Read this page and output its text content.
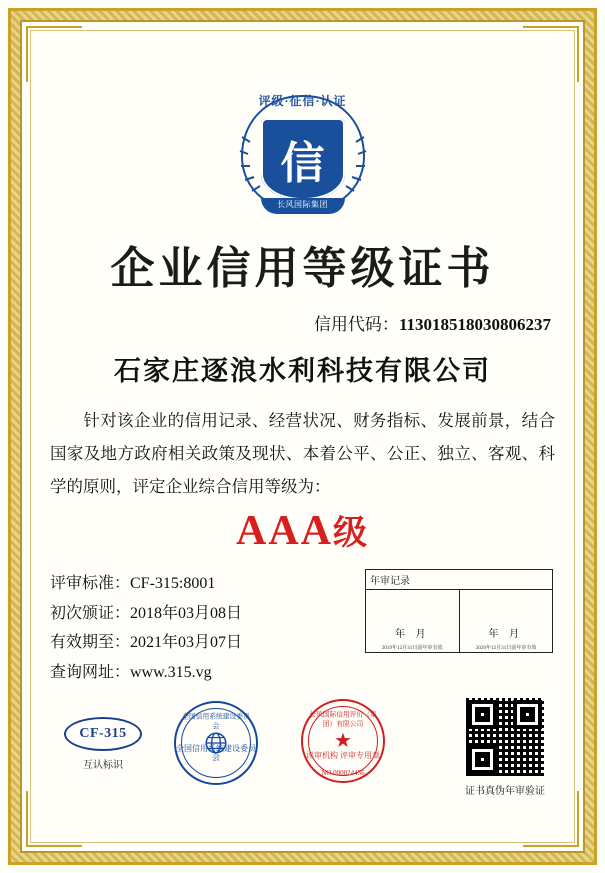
评级·征信·认证
信
长风国际集团
企业信用等级证书
信用代码：113018518030806237
石家庄逐浪水利科技有限公司
针对该企业的信用记录、经营状况、财务指标、发展前景，结合国家及地方政府相关政策及现状、本着公平、公正、独立、客观、科学的原则，评定企业综合信用等级为：
AAA级
评审标准：CF-315:8001
初次颁证：2018年03月08日
有效期至：2021年03月07日
查询网址：www.315.vg
年审记录
年 月
2019年12月31日前年审有效
年 月
2020年12月31日前年审有效
CF-315
互认标识
全国信用系统建设委员会
全国信用系统建设委员会
长风国际信用评价（集团）有限公司
★
评审机构 评审专用章
NO.000024456
证书真伪年审验证
